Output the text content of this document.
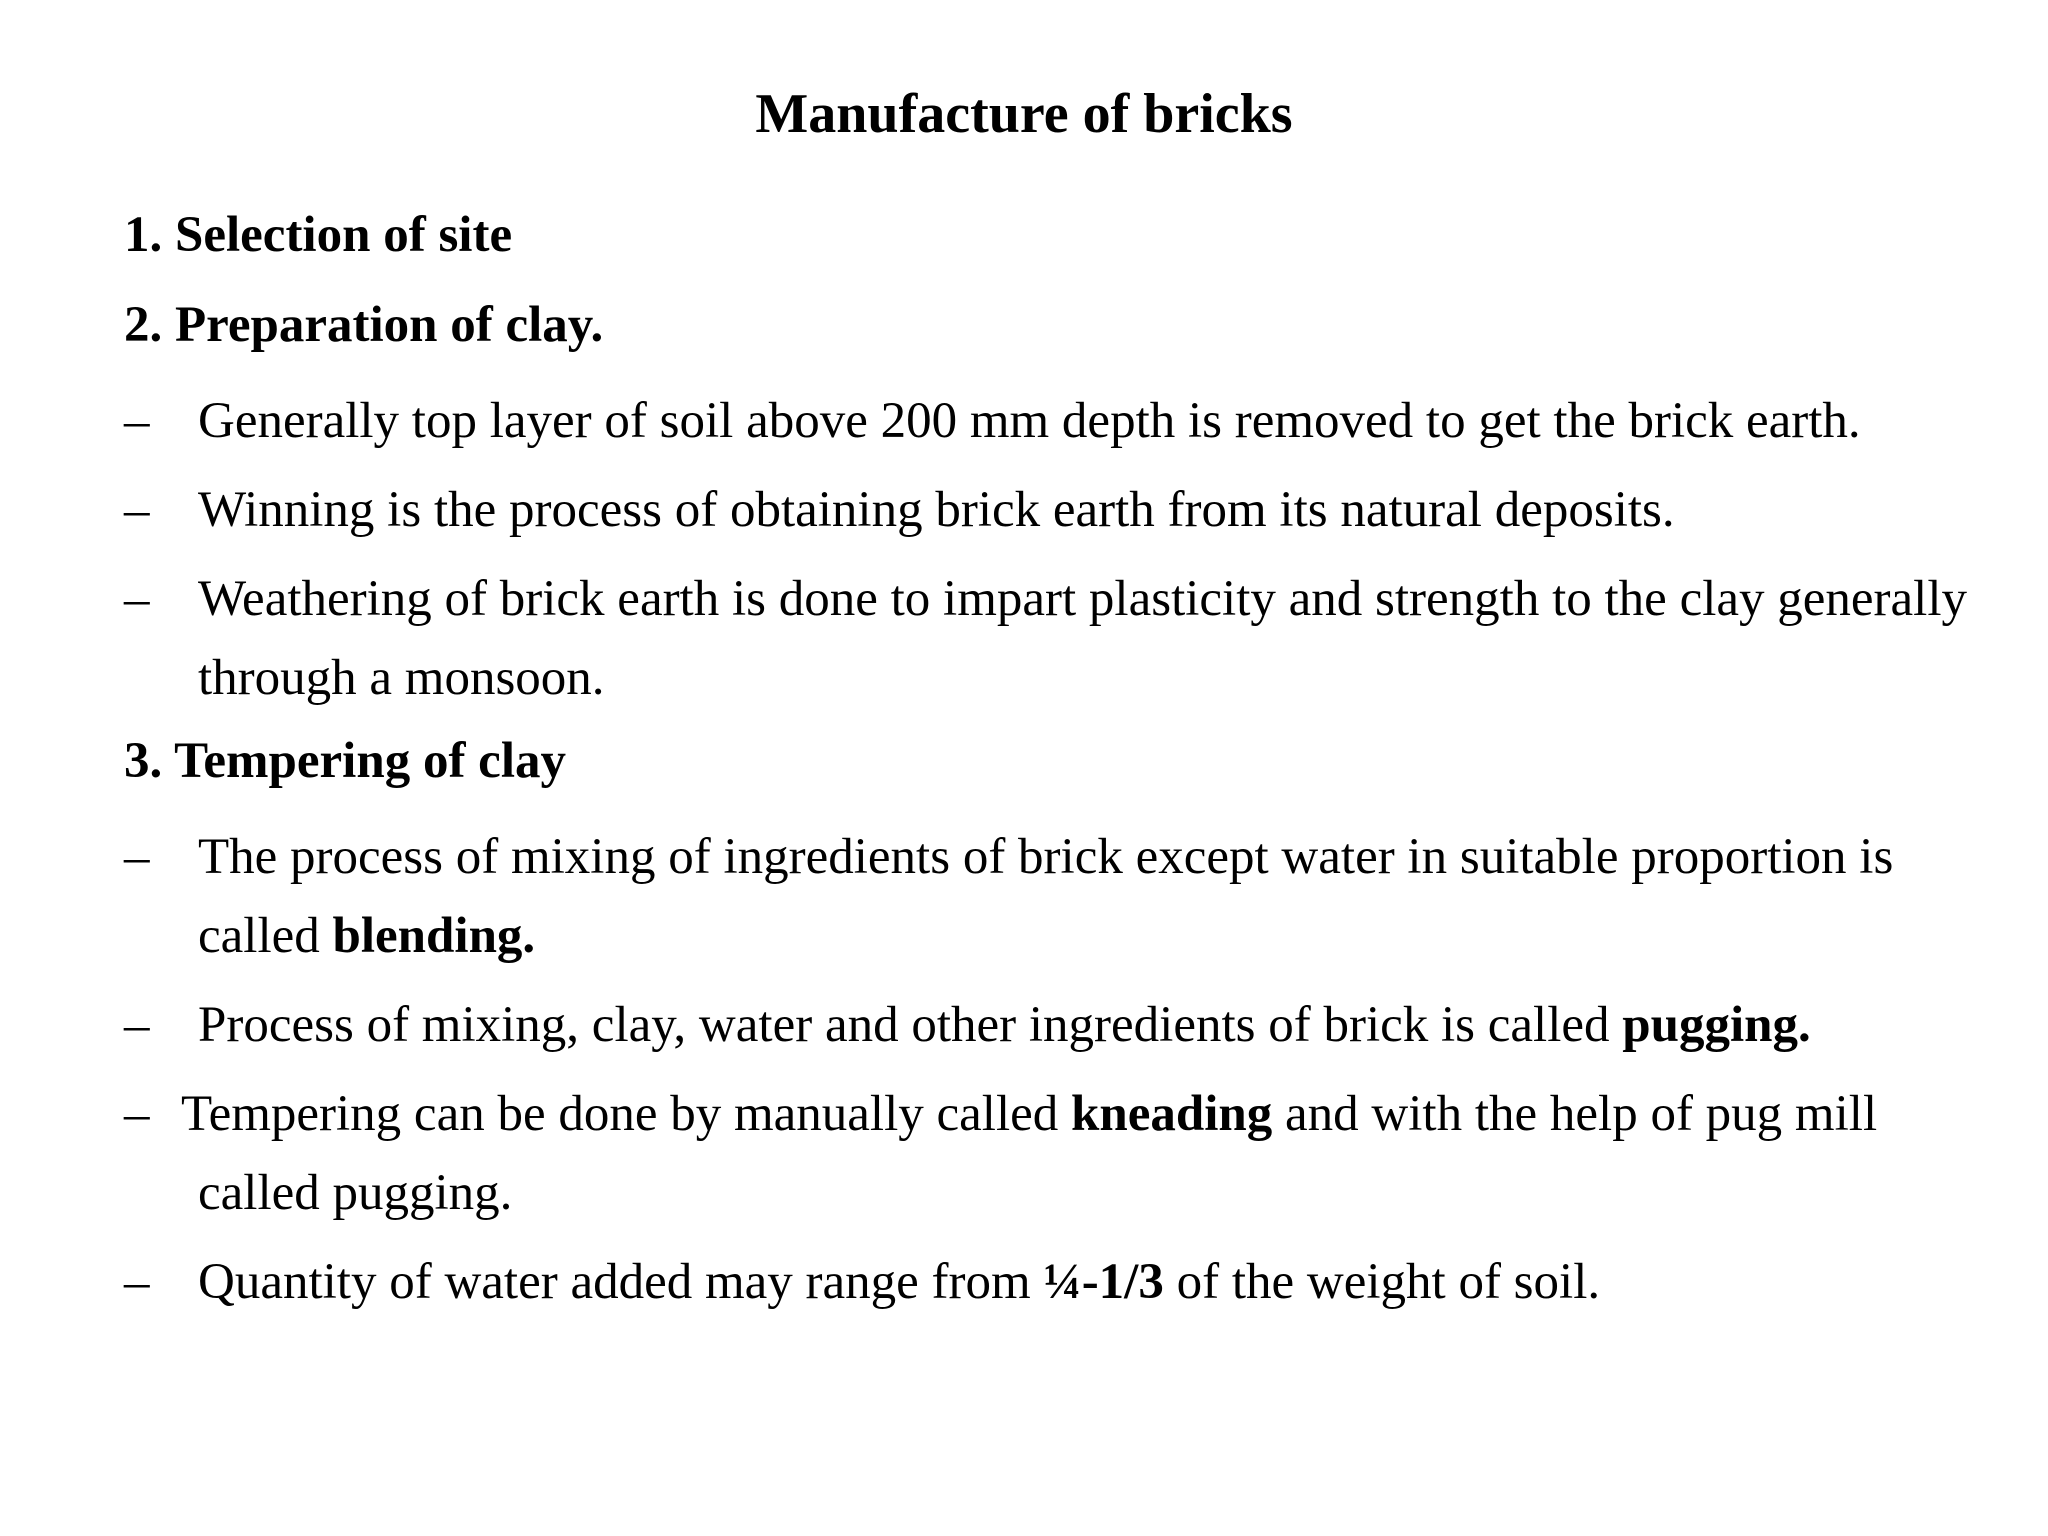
Manufacture of bricks

1. Selection of site

2. Preparation of clay.

– Generally top layer of soil above 200 mm depth is removed to get the brick earth.

– Winning is the process of obtaining brick earth from its natural deposits.

– Weathering of brick earth is done to impart plasticity and strength to the clay generally through a monsoon.

3. Tempering of clay

– The process of mixing of ingredients of brick except water in suitable proportion is called blending.

– Process of mixing, clay, water and other ingredients of brick is called pugging.

– Tempering can be done by manually called kneading and with the help of pug mill called pugging.

– Quantity of water added may range from ¼-1/3 of the weight of soil.
